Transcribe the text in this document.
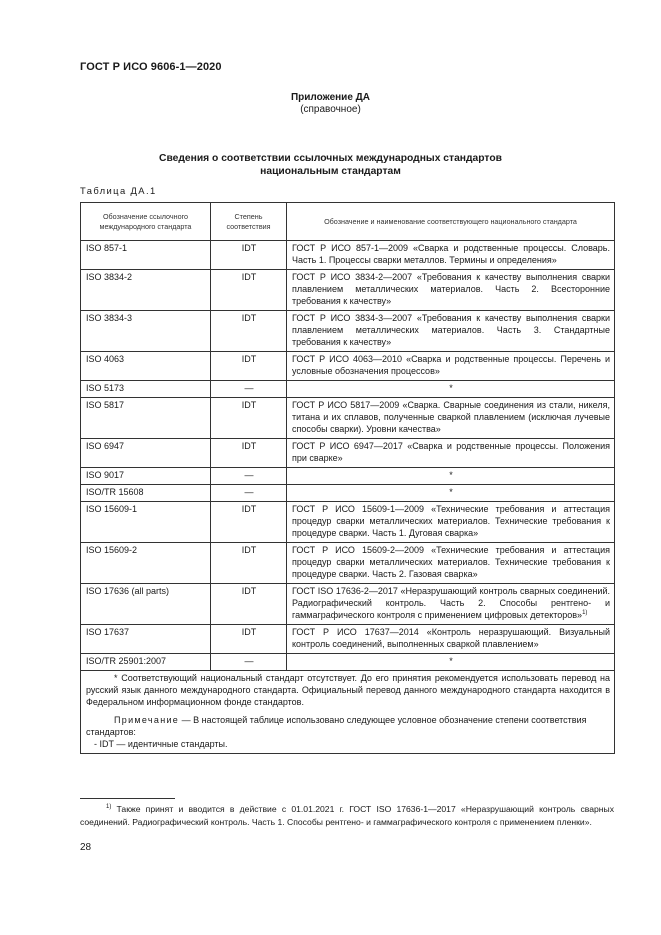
ГОСТ Р ИСО 9606-1—2020
Приложение ДА
(справочное)
Сведения о соответствии ссылочных международных стандартов
национальным стандартам
Таблица ДА.1
Обозначение ссылочного международного стандарта	Степень соответствия	Обозначение и наименование соответствующего национального стандарта
ISO 857-1	IDT	ГОСТ Р ИСО 857-1—2009 «Сварка и родственные процессы. Словарь. Часть 1. Процессы сварки металлов. Термины и определения»
ISO 3834-2	IDT	ГОСТ Р ИСО 3834-2—2007 «Требования к качеству выполнения сварки плавлением металлических материалов. Часть 2. Всесторонние требования к качеству»
ISO 3834-3	IDT	ГОСТ Р ИСО 3834-3—2007 «Требования к качеству выполнения сварки плавлением металлических материалов. Часть 3. Стандартные требования к качеству»
ISO 4063	IDT	ГОСТ Р ИСО 4063—2010 «Сварка и родственные процессы. Перечень и условные обозначения процессов»
ISO 5173	—	*
ISO 5817	IDT	ГОСТ Р ИСО 5817—2009 «Сварка. Сварные соединения из стали, никеля, титана и их сплавов, полученные сваркой плавлением (исключая лучевые способы сварки). Уровни качества»
ISO 6947	IDT	ГОСТ Р ИСО 6947—2017 «Сварка и родственные процессы. Положения при сварке»
ISO 9017	—	*
ISO/TR 15608	—	*
ISO 15609-1	IDT	ГОСТ Р ИСО 15609-1—2009 «Технические требования и аттестация процедур сварки металлических материалов. Технические требования к процедуре сварки. Часть 1. Дуговая сварка»
ISO 15609-2	IDT	ГОСТ Р ИСО 15609-2—2009 «Технические требования и аттестация процедур сварки металлических материалов. Технические требования к процедуре сварки. Часть 2. Газовая сварка»
ISO 17636 (all parts)	IDT	ГОСТ ISO 17636-2—2017 «Неразрушающий контроль сварных соединений. Радиографический контроль. Часть 2. Способы рентгено- и гаммаграфического контроля с применением цифровых детекторов»$^{1)}$
ISO 17637	IDT	ГОСТ Р ИСО 17637—2014 «Контроль неразрушающий. Визуальный контроль соединений, выполненных сваркой плавлением»
ISO/TR 25901:2007	—	*

* Соответствующий национальный стандарт отсутствует. До его принятия рекомендуется использовать перевод на русский язык данного международного стандарта. Официальный перевод данного международного стандарта находится в Федеральном информационном фонде стандартов.

Примечание — В настоящей таблице использовано следующее условное обозначение степени соответствия стандартов:

- IDT — идентичные стандарты.		
$^{1)}$ Также принят и вводится в действие с 01.01.2021 г. ГОСТ ISO 17636-1—2017 «Неразрушающий контроль сварных соединений. Радиографический контроль. Часть 1. Способы рентгено- и гаммаграфического контроля с применением пленки».
28
